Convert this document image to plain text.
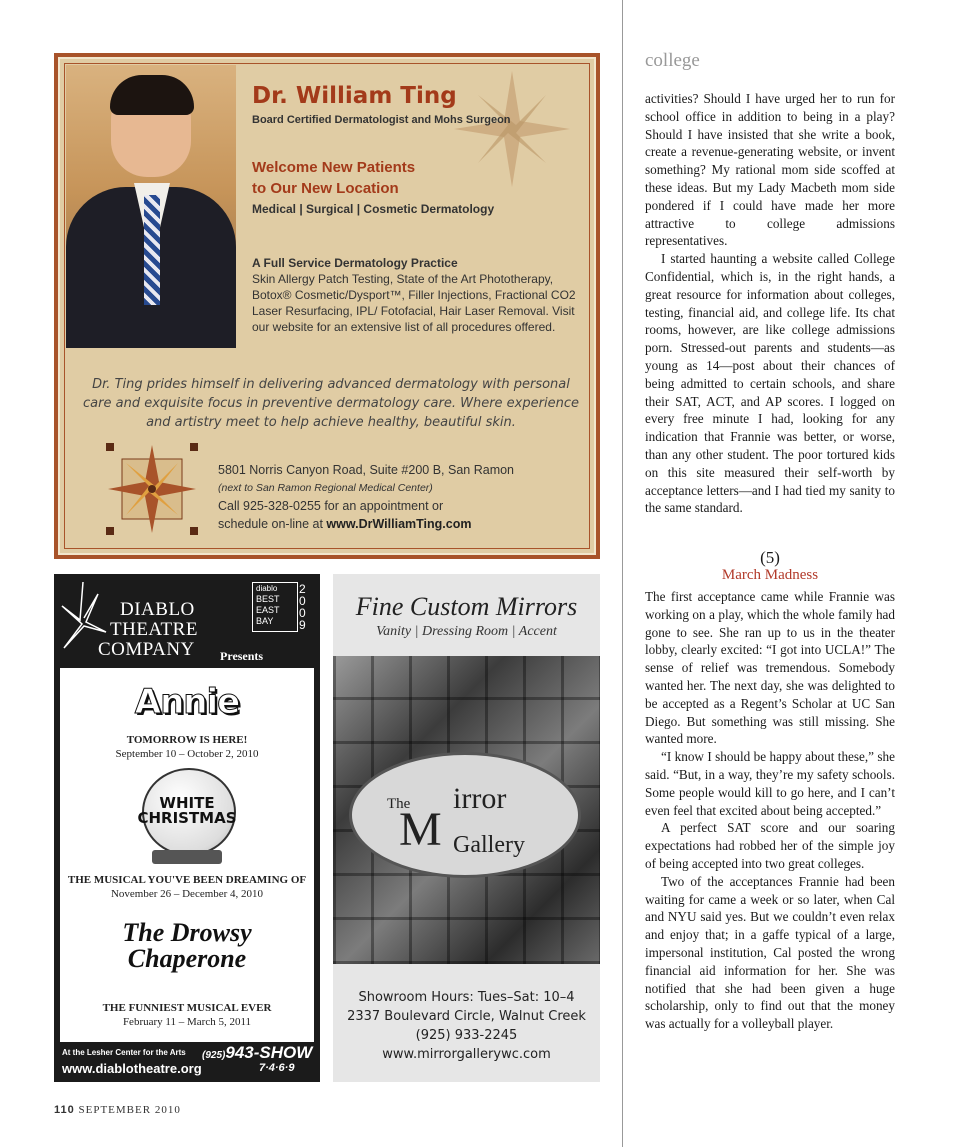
Dr. William Ting
Board Certified Dermatologist and Mohs Surgeon
Welcome New Patients
to Our New Location
Medical | Surgical | Cosmetic Dermatology
A Full Service Dermatology Practice
Skin Allergy Patch Testing, State of the Art Phototherapy, Botox® Cosmetic/Dysport™, Filler Injections, Fractional CO2 Laser Resurfacing, IPL/ Fotofacial, Hair Laser Removal. Visit our website for an extensive list of all procedures offered.
Dr. Ting prides himself in delivering advanced dermatology with personal care and exquisite focus in preventive dermatology care. Where experience and artistry meet to help achieve healthy, beautiful skin.
5801 Norris Canyon Road, Suite #200 B, San Ramon
(next to San Ramon Regional Medical Center)
Call 925-328-0255 for an appointment or
schedule on-line at www.DrWilliamTing.com
DIABLO
THEATRE
COMPANY Presents
diablo
BEST
EAST
BAY
2009
Annie
TOMORROW IS HERE!
September 10 – October 2, 2010
WHITE CHRISTMAS
THE MUSICAL YOU'VE BEEN DREAMING OF
November 26 – December 4, 2010
The Drowsy Chaperone
THE FUNNIEST MUSICAL EVER
February 11 – March 5, 2011
At the Lesher Center for the Arts
www.diablotheatre.org
(925)943-SHOW
7·4·6·9
Fine Custom Mirrors
Vanity | Dressing Room | Accent
The
M
irror
Gallery
Showroom Hours: Tues–Sat: 10–4
2337 Boulevard Circle, Walnut Creek
(925) 933-2245
www.mirrorgallerywc.com
110 SEPTEMBER 2010
college

activities? Should I have urged her to run for school office in addition to being in a play? Should I have insisted that she write a book, create a revenue-generating website, or invent something? My rational mom side scoffed at these ideas. But my Lady Macbeth mom side pondered if I could have made her more attractive to college admissions representatives.

I started haunting a website called College Confidential, which is, in the right hands, a great resource for information about colleges, testing, financial aid, and college life. Its chat rooms, however, are like college admissions porn. Stressed-out parents and students—as young as 14—post about their chances of being admitted to certain schools, and share their SAT, ACT, and AP scores. I logged on every free minute I had, looking for any indication that Frannie was better, or worse, than any other student. The poor tortured kids on this site measured their self-worth by acceptance letters—and I had tied my sanity to the same standard.

(5)
March Madness

The first acceptance came while Frannie was working on a play, which the whole family had gone to see. She ran up to us in the theater lobby, clearly excited: “I got into UCLA!” The sense of relief was tremendous. Somebody wanted her. The next day, she was delighted to be accepted as a Regent’s Scholar at UC San Diego. But something was still missing. She wanted more.

“I know I should be happy about these,” she said. “But, in a way, they’re my safety schools. Some people would kill to go here, and I can’t even feel that excited about being accepted.”

A perfect SAT score and our soaring expectations had robbed her of the simple joy of being accepted into two great colleges.

Two of the acceptances Frannie had been waiting for came a week or so later, when Cal and NYU said yes. But we couldn’t even relax and enjoy that; in a gaffe typical of a large, impersonal institution, Cal posted the wrong financial aid information for her. She was notified that she had been given a huge scholarship, only to find out that the money was actually for a volleyball player.
